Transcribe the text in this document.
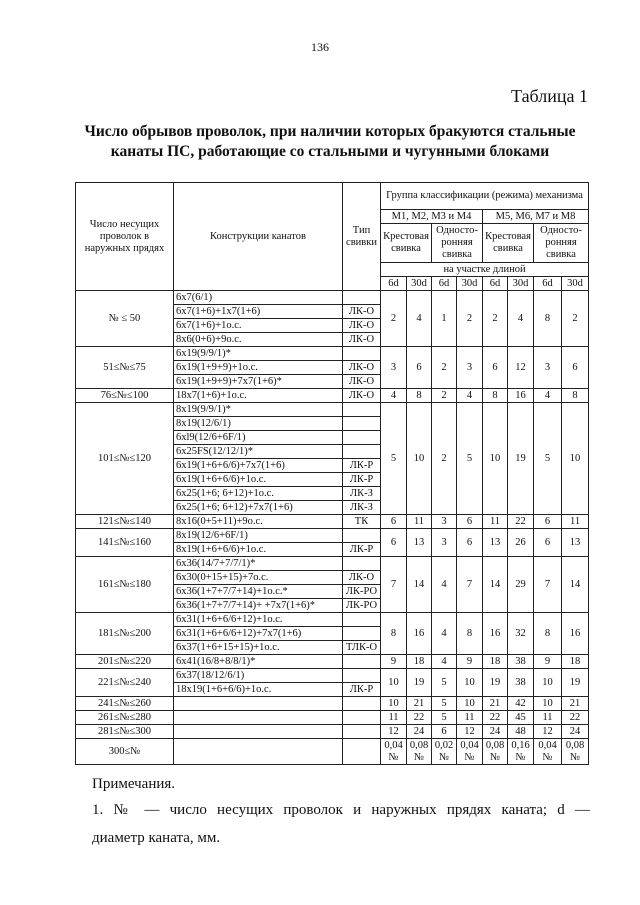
136
Таблица 1
Число обрывов проволок, при наличии которых бракуются стальные
канаты ПС, работающие со стальными и чугунными блоками
Число несущих проволок в наружных прядях	Конструкции канатов	Тип свивки	Группа классификации (режима) механизма								
			M1, M2, M3 и M4				M5, M6, M7 и M8				
			Крестовая свивка		Односто-ронняя свивка		Крестовая свивка		Односто-ронняя свивка		
			на участке длиной								
			6d	30d	6d	30d	6d	30d	6d	30d	
№ ≤ 50	6x7(6/1)		2	4	1	2	2	4	8	2	
	6x7(1+6)+1x7(1+6)	ЛК-О									
	6x7(1+6)+1o.c.	ЛК-О									
	8x6(0+6)+9o.c.	ЛК-О									
51≤№≤75	6x19(9/9/1)*		3	6	2	3	6	12	3	6	
	6x19(1+9+9)+1o.c.	ЛК-О									
	6x19(1+9+9)+7x7(1+6)*	ЛК-О									
76≤№≤100	18x7(1+6)+1o.c.	ЛК-О	4	8	2	4	8	16	4	8	
101≤№≤120	8x19(9/9/1)*		5	10	2	5	10	19	5	10	
	8x19(12/6/1)										
	6xl9(12/6+6F/1)										
	6x25FS(12/12/1)*										
	6x19(1+6+6/6)+7x7(1+6)	ЛК-Р									
	6x19(1+6+6/6)+1o.c.	ЛК-Р									
	6x25(1+6; 6+12)+1o.c.	ЛК-З									
	6x25(1+6; 6+12)+7x7(1+6)	ЛК-З									
121≤№≤140	8x16(0+5+11)+9o.c.	ТК	6	11	3	6	11	22	6	11	
141≤№≤160	8x19(12/6+6F/1)		6	13	3	6	13	26	6	13	
	8x19(1+6+6/6)+1o.c.	ЛК-Р									
161≤№≤180	6x36(14/7+7/7/1)*		7	14	4	7	14	29	7	14	
	6x30(0+15+15)+7o.c.	ЛК-О									
	6x36(1+7+7/7+14)+1o.c.*	ЛК-РО									
	6x36(1+7+7/7+14)+ +7x7(1+6)*	ЛК-РО									
181≤№≤200	6x31(1+6+6/6+12)+1o.c.		8	16	4	8	16	32	8	16	
	6x31(1+6+6/6+12)+7x7(1+6)										
	6x37(1+6+15+15)+1o.c.	ТЛК-О									
201≤№≤220	6x41(16/8+8/8/1)*		9	18	4	9	18	38	9	18	
221≤№≤240	6x37(18/12/6/1)		10	19	5	10	19	38	10	19	
	18x19(1+6+6/6)+1o.c.	ЛК-Р									
241≤№≤260			10	21	5	10	21	42	10	21	
261≤№≤280			11	22	5	11	22	45	11	22	
281≤№≤300			12	24	6	12	24	48	12	24	
300≤№			0,04 №	0,08 №	0,02 №	0,04 №	0,08 №	0,16 №	0,04 №	0,08 №	
Примечания.
1. № — число несущих проволок и наружных прядях каната; d —
диаметр каната, мм.
